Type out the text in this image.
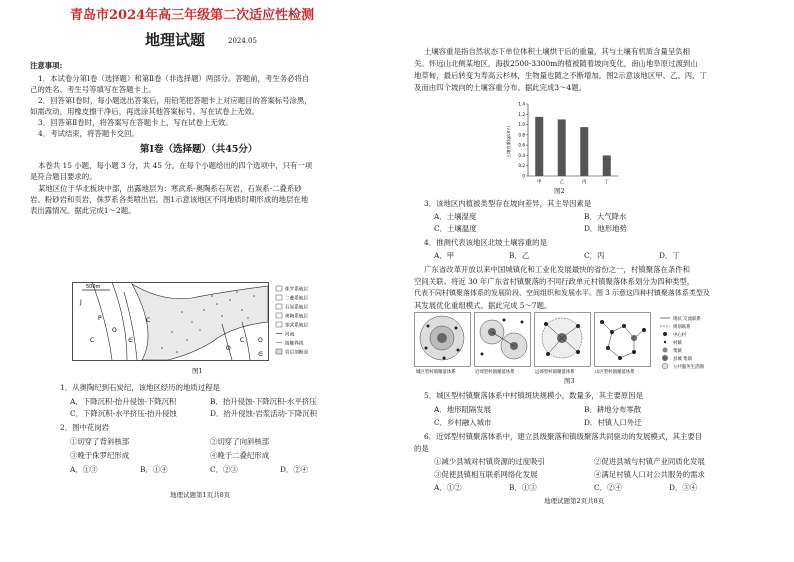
青岛市2024年高三年级第二次适应性检测
地理试题	2024.05
注意事项:
1．本试卷分第Ⅰ卷（选择题）和第Ⅱ卷（非选择题）两部分。答题前，考生务必将自
己的姓名、考生号等填写在答题卡上。
2．回答第Ⅰ卷时，每小题选出答案后，用铅笔把答题卡上对应题目的答案标号涂黑，
如需改动，用橡皮擦干净后，再选涂其他答案标号。写在试卷上无效。
3．回答第Ⅱ卷时，将答案写在答题卡上，写在试卷上无效。
4．考试结束，将答题卡交回。
第Ⅰ卷（选择题）（共45分）
本卷共 15 小题，每小题 3 分，共 45 分。在每个小题给出的四个选项中，只有一项
是符合题目要求的。
某地区位于华北板块中部，出露地层为：寒武系-奥陶系石灰岩，石炭系-二叠系砂
岩、粉砂岩和页岩，侏罗系各类喷出岩。图1示意该地区不同地质时期形成的地层在地
表出露情况。据此完成1～2题。
500m
J
P
C
O
∈
C
C
O
O
∈
侏罗系地层
二叠系地层
石炭系地层
奥陶系地层
寒武系地层
河流
接触界线
岩层剖断面
图1
1．从奥陶纪到石炭纪，该地区经历的地质过程是
A．下降沉积-抬升侵蚀-下降沉积	B．抬升侵蚀-下降沉积-水平挤压
C．下降沉积-水平挤压-抬升侵蚀	D．抬升侵蚀-岩浆活动-下降沉积
2．图中花岗岩
①切穿了背斜核部	②切穿了向斜核部
③晚于侏罗纪形成	④晚于二叠纪形成
A．①③	B．①④	C．②③	D．②④
地理试题第1页共8页
土壤容重是指自然状态下单位体积土壤烘干后的重量，其与土壤有机质含量呈负相
关。怀远山北侧某地区，海拔2500-3300m的植被随着坡向变化，南山地阜原过渡到山
地草甸，最后转变为寿高云杉林，生物量也随之不断增加。图2示意该地区甲、乙、丙、丁
及而由四个坡向的土壤容重分布。据此完成3～4题。
土壤容重(g/cm³)
0
0.2
0.4
0.6
0.8
1.0
1.2
1.4
甲	乙	丙	丁
图2
3．该地区内植被类型存在坡向差异，其主导因素是
A．土壤湿度	B．大气降水
C．土壤温度	D．地形地势
4．推测代表该地区北坡土壤容重的是
A．甲	B．乙	C．丙	D．丁
广东省改革开放以来中国城镇化和工业化发展最快的省份之一，村镇聚落在条件和
空间关联。将近 30 年广东省村镇聚落的不同行政单元村镇聚落体系划分为四种类型，
代表不同村镇聚落体系的发展阶段、空间组织和发展水平。图 3 示意这四种村镇聚落体系类型及
其发展优化重组模式。据此完成 5～7题。
城区型村镇聚落体系	近郊型村镇聚落体系	远郊型村镇聚落体系	山区型村镇聚落体系
现状 交流联系
规划联系
中心村
村镇
集镇
县城 集镇
公共服务生活圈
图3
5．城区型村镇聚落体系中村镇斑块规模小，数量多，其主要原因是
A．地形阻隔发展	B．耕地分布零散
C．乡村融入城市	D．村镇人口外迁
6．近郊型村镇聚落体系中，建立县级聚落和镇级聚落共同驱动的发展模式，其主要目
的是
①减少县城对村镇资源的过度吸引	②促进县城与村镇产业同质化发展
③促使县镇相互联系网络化发展	④满足村镇人口对公共服务的需求
A．①②	B．①③	C．②④	D．③④
地理试题第2页共8页
